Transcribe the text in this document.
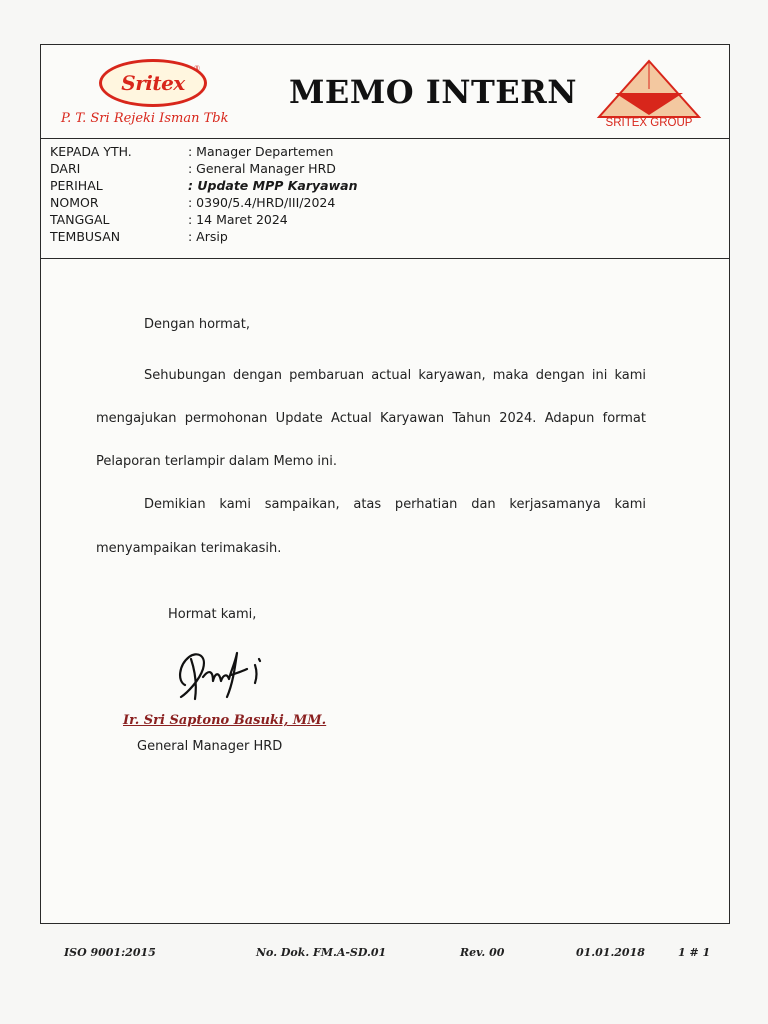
Sritex
®
P. T. Sri Rejeki Isman Tbk
MEMO INTERN
SRITEX GROUP
KEPADA YTH.	: Manager Departemen
DARI	: General Manager HRD
PERIHAL	: Update MPP Karyawan
NOMOR	: 0390/5.4/HRD/III/2024
TANGGAL	: 14 Maret 2024
TEMBUSAN	: Arsip
Dengan hormat,
Sehubungan dengan pembaruan actual karyawan, maka dengan ini kami
mengajukan permohonan Update Actual Karyawan Tahun 2024. Adapun format
Pelaporan terlampir dalam Memo ini.
Demikian kami sampaikan, atas perhatian dan kerjasamanya kami
menyampaikan terimakasih.
Hormat kami,
Ir. Sri Saptono Basuki, MM.
General Manager HRD
ISO 9001:2015	No. Dok. FM.A-SD.01	Rev. 00	01.01.2018	1 # 1
